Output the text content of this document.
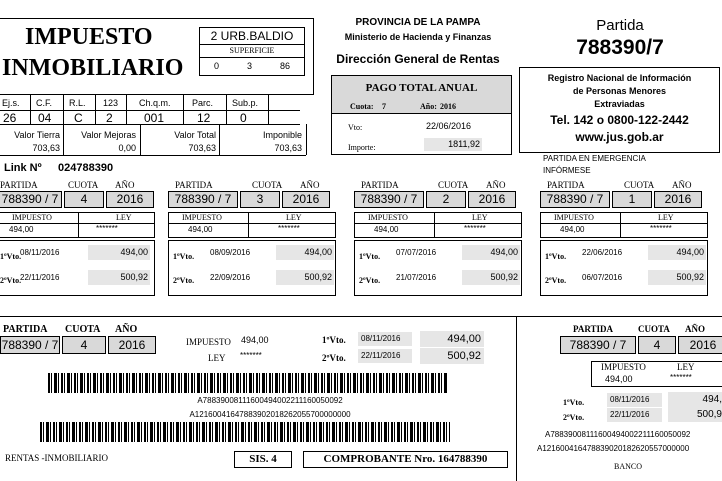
IMPUESTO
INMOBILIARIO
2 URB.BALDIO
SUPERFICIE
0	3	86
PROVINCIA DE LA PAMPA
Ministerio de Hacienda y Finanzas
Dirección General de Rentas
Partida
788390/7
Ej.s. C.F. R.L. 123 Ch.q.m. Parc. Sub.p.
26 04 C 2	001	12 0
Valor Tierra
703,63
Valor Mejoras
0,00
Valor Total
703,63
Imponible
703,63
PAGO TOTAL ANUAL
Cuota: 7	Año: 2016
Vto:	22/06/2016
Importe:	1811,92
Registro Nacional de Información
de Personas Menores
Extraviadas
Tel. 142 o 0800-122-2442
www.jus.gob.ar
Link Nº 024788390
PARTIDA EN EMERGENCIA
INFÓRMESE
PARTIDA	CUOTA AÑO
788390 / 7	4	2016
IMPUESTO	LEY
494,00	*******
1ºVto.
08/11/2016	494,00
2ºVto.
22/11/2016	500,92
PARTIDA	CUOTA AÑO
788390 / 7	3	2016
IMPUESTO	LEY
494,00	*******
1ºVto. 08/09/2016	494,00
2ºVto. 22/09/2016	500,92
PARTIDA	CUOTA AÑO
788390 / 7	2	2016
IMPUESTO	LEY
494,00	*******
1ºVto. 07/07/2016	494,00
2ºVto. 21/07/2016	500,92
PARTIDA	CUOTA AÑO
788390 / 7	1	2016
IMPUESTO	LEY
494,00	*******
1ºVto. 22/06/2016	494,00
2ºVto. 06/07/2016	500,92
PARTIDA CUOTA AÑO
788390 / 7	4	2016	IMPUESTO 494,00
LEY *******
1ºVto.	08/11/2016	494,00
2ºVto.	22/11/2016	500,92
A78839008111600494002211160050092
A12160041647883902018262055700000000
RENTAS -INMOBILIARIO	SIS. 4	COMPROBANTE Nro. 164788390
PARTIDA	CUOTA AÑO
788390 / 7	4	2016
IMPUESTO	LEY
494,00	*******
1ºVto.	08/11/2016	494,
2ºVto.	22/11/2016	500,9
A78839008111600494002211160050092
A121600416478839020182620557000000
BANCO
